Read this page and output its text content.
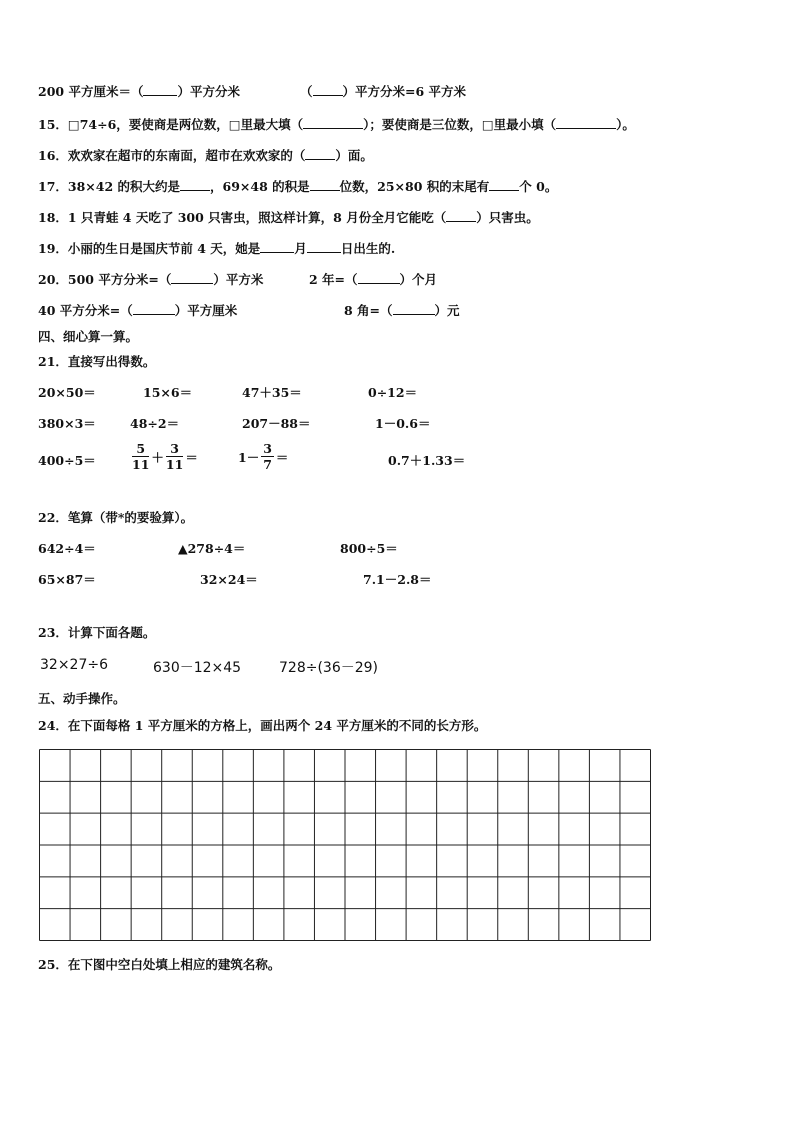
200 平方厘米＝（	）平方分米	（ ）平方分米=6 平方米
15．□74÷6，要使商是两位数，□里最大填（	）；要使商是三位数，□里最小填（	）。
16．欢欢家在超市的东南面，超市在欢欢家的（ ）面。
17．38×42 的积大约是 ，69×48 的积是 位数，25×80 积的末尾有 个 0。
18．1 只青蛙 4 天吃了 300 只害虫，照这样计算，8 月份全月它能吃（ ）只害虫。
19．小丽的生日是国庆节前 4 天，她是	月	日出生的.
20．500 平方分米=（	）平方米	2 年=（	）个月
40 平方分米=（	）平方厘米	8 角=（	）元
四、细心算一算。
21．直接写出得数。
20×50＝	15×6＝	47＋35＝	0÷12＝
380×3＝	48÷2＝	207－88＝	1－0.6＝
400÷5＝	$\frac{5}{11} + \frac{3}{11}$ ＝	$1- \frac{3}{7}$ ＝	0.7＋1.33＝
22．笔算（带*的要验算）。
642÷4＝	▲278÷4＝	800÷5＝
65×87＝	32×24＝	7.1－2.8＝
23．计算下面各题。
32×27÷6	630－12×45	728÷(36－29)
五、动手操作。
24．在下面每格 1 平方厘米的方格上，画出两个 24 平方厘米的不同的长方形。
25．在下图中空白处填上相应的建筑名称。
